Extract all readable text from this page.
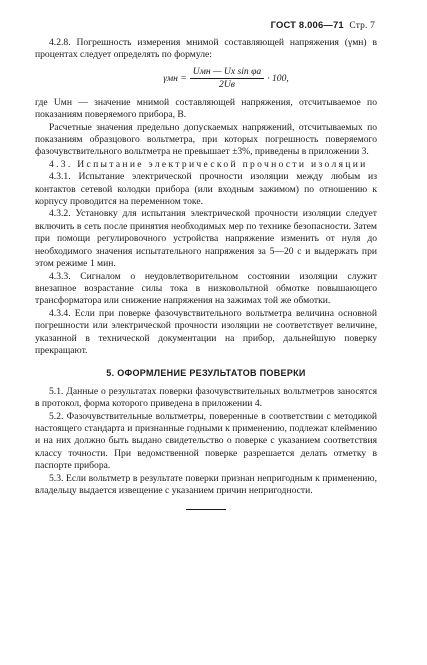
ГОСТ 8.006—71 Стр. 7

4.2.8. Погрешность измерения мнимой составляющей напряжения (γмн) в процентах следует определять по формуле:

$\gamma мн = \frac{\text{Uмн — Uх sin φа}}{2Uв} \cdot 100$,

где Uмн — значение мнимой составляющей напряжения, отсчитываемое по показаниям поверяемого прибора, В.

Расчетные значения предельно допускаемых напряжений, отсчитываемых по показаниям образцового вольтметра, при которых погрешность поверяемого фазочувствительного вольтметра не превышает ±3%, приведены в приложении 3.

4.3. Испытание электрической прочности изоляции

4.3.1. Испытание электрической прочности изоляции между любым из контактов сетевой колодки прибора (или входным зажимом) по отношению к корпусу проводится на переменном токе.

4.3.2. Установку для испытания электрической прочности изоляции следует включить в сеть после принятия необходимых мер по технике безопасности. Затем при помощи регулировочного устройства напряжение изменить от нуля до необходимого значения испытательного напряжения за 5—20 с и выдержать при этом режиме 1 мин.

4.3.3. Сигналом о неудовлетворительном состоянии изоляции служит внезапное возрастание силы тока в низковольтной обмотке повышающего трансформатора или снижение напряжения на зажимах той же обмотки.

4.3.4. Если при поверке фазочувствительного вольтметра величина основной погрешности или электрической прочности изоляции не соответствует величине, указанной в технической документации на прибор, дальнейшую поверку прекращают.

5. ОФОРМЛЕНИЕ РЕЗУЛЬТАТОВ ПОВЕРКИ

5.1. Данные о результатах поверки фазочувствительных вольтметров заносятся в протокол, форма которого приведена в приложении 4.

5.2. Фазочувствительные вольтметры, поверенные в соответствии с методикой настоящего стандарта и признанные годными к применению, подлежат клеймению и на них должно быть выдано свидетельство о поверке с указанием соответствия классу точности. При ведомственной поверке разрешается делать отметку в паспорте прибора.

5.3. Если вольтметр в результате поверки признан непригодным к применению, владельцу выдается извещение с указанием причин непригодности.
